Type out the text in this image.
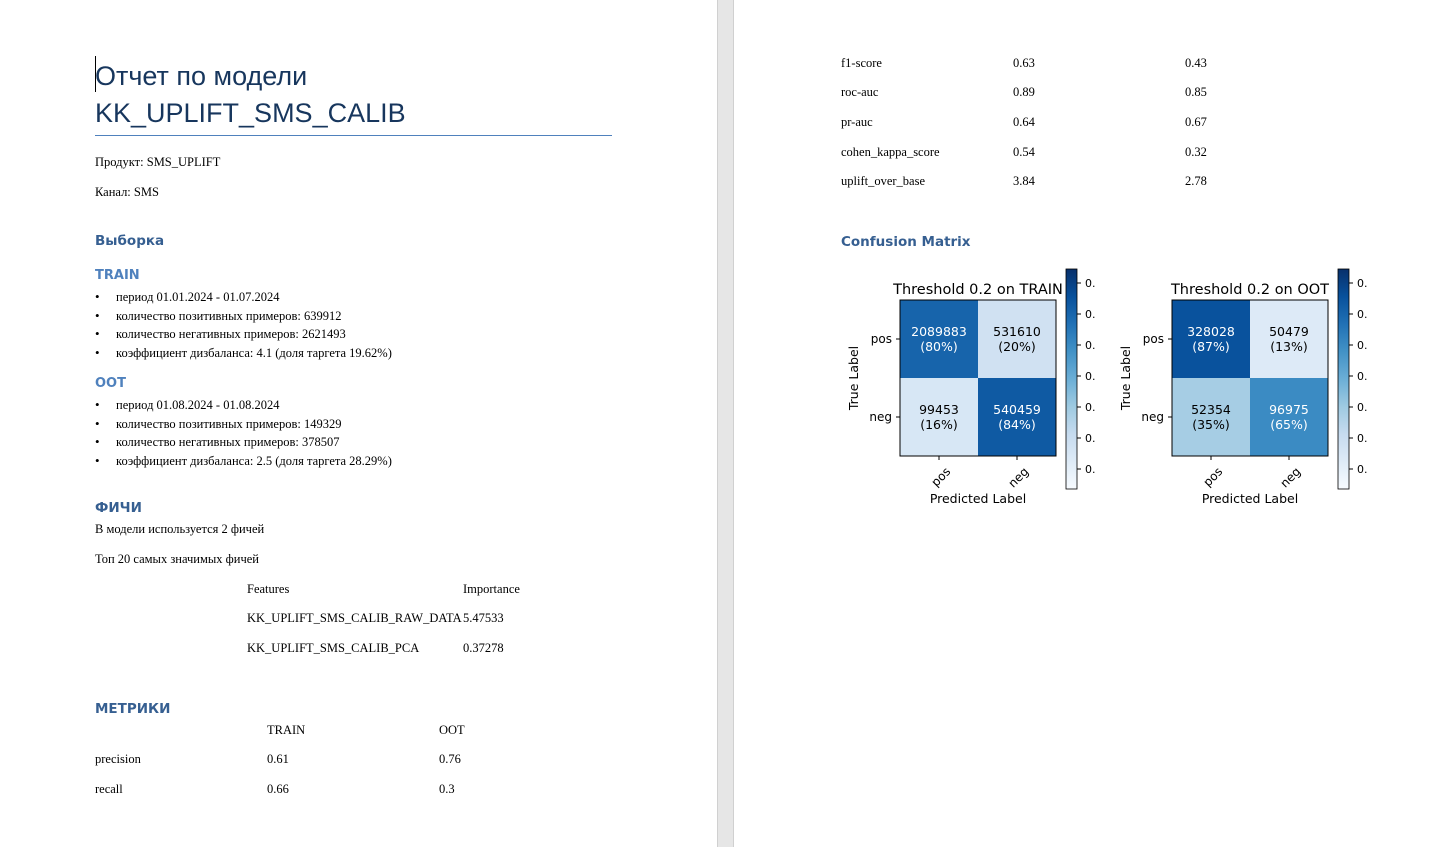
Отчет по модели
KK_UPLIFT_SMS_CALIB
Продукт: SMS_UPLIFT
Канал: SMS
Выборка
TRAIN
• период 01.01.2024 - 01.07.2024
• количество позитивных примеров: 639912
• количество негативных примеров: 2621493
• коэффициент дизбаланса: 4.1 (доля таргета 19.62%)
OOT
• период 01.08.2024 - 01.08.2024
• количество позитивных примеров: 149329
• количество негативных примеров: 378507
• коэффициент дизбаланса: 2.5 (доля таргета 28.29%)
ФИЧИ
В модели используется 2 фичей
Топ 20 самых значимых фичей
Features	Importance
KK_UPLIFT_SMS_CALIB_RAW_DATA 5.47533
KK_UPLIFT_SMS_CALIB_PCA	0.37278
МЕТРИКИ
TRAIN	OOT
precision	0.61	0.76
recall	0.66	0.3
f1-score	0.63	0.43
roc-auc	0.89	0.85
pr-auc	0.64	0.67
cohen_kappa_score	0.54	0.32
uplift_over_base	3.84	2.78
Confusion Matrix
Threshold 0.2 on TRAIN
2089883
(80%)
531610
(20%)
99453
(16%)
540459
(84%)
pos
neg
pos	neg
Predicted Label
True Label
0.
0.
0.
0.
0.
0.
0.
Threshold 0.2 on OOT
328028
(87%)
50479
(13%)
52354
(35%)
96975
(65%)
pos
neg
pos	neg
Predicted Label
True Label
0.
0.
0.
0.
0.
0.
0.
